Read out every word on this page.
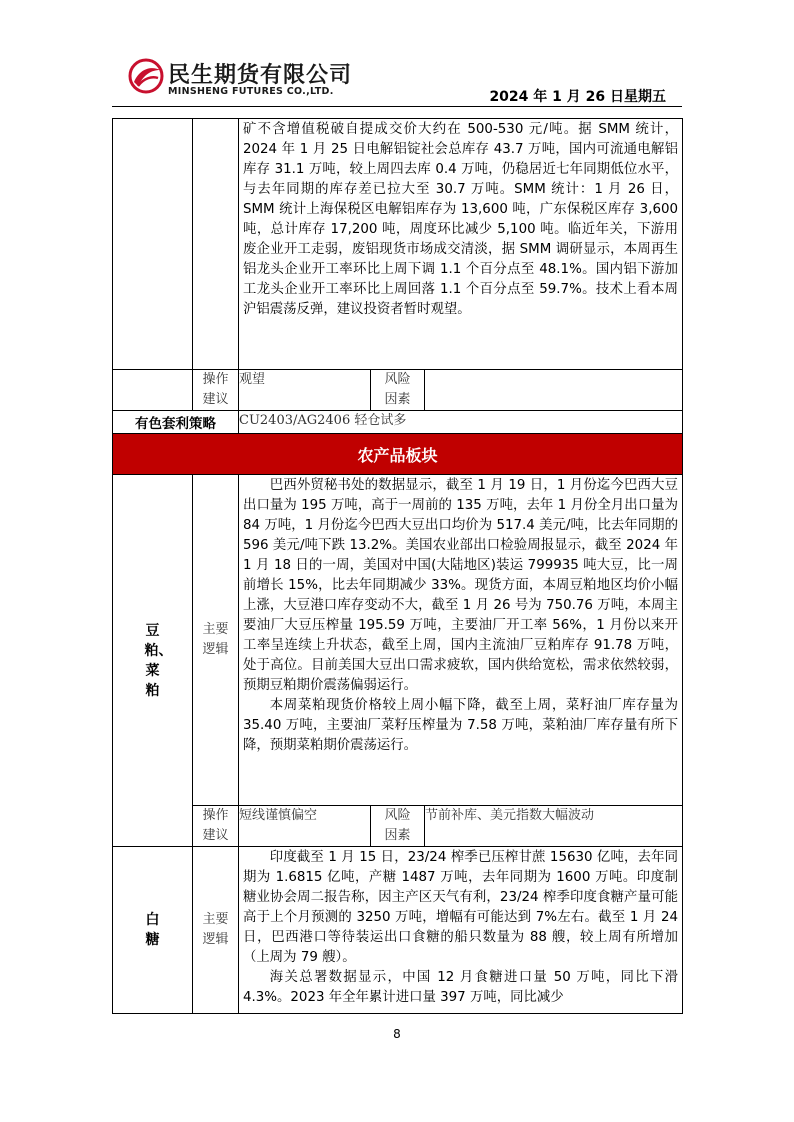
民生期货有限公司
MINSHENG FUTURES CO.,LTD.	2024 年 1 月 26 日星期五

		矿不含增值税破自提成交价大约在 500-530 元/吨。据 SMM 统计，2024 年 1 月 25 日电解铝锭社会总库存 43.7 万吨，国内可流通电解铝库存 31.1 万吨，较上周四去库 0.4 万吨，仍稳居近七年同期低位水平，与去年同期的库存差已拉大至 30.7 万吨。SMM 统计：1 月 26 日，SMM 统计上海保税区电解铝库存为 13,600 吨，广东保税区库存 3,600 吨，总计库存 17,200 吨，周度环比减少 5,100 吨。临近年关，下游用废企业开工走弱，废铝现货市场成交清淡，据 SMM 调研显示，本周再生铝龙头企业开工率环比上周下调 1.1 个百分点至 48.1%。国内铝下游加工龙头企业开工率环比上周回落 1.1 个百分点至 59.7%。技术上看本周沪铝震荡反弹，建议投资者暂时观望。		

	操作建议	观望	风险因素	
有色套利策略		CU2403/AG2406 轻仓试多		
农产品板块				
豆粕、菜粕	主要逻辑	巴西外贸秘书处的数据显示，截至 1 月 19 日，1 月份迄今巴西大豆出口量为 195 万吨，高于一周前的 135 万吨，去年 1 月份全月出口量为 84 万吨，1 月份迄今巴西大豆出口均价为 517.4 美元/吨，比去年同期的 596 美元/吨下跌 13.2%。美国农业部出口检验周报显示，截至 2024 年 1 月 18 日的一周，美国对中国(大陆地区)装运 799935 吨大豆，比一周前增长 15%，比去年同期减少 33%。现货方面，本周豆粕地区均价小幅上涨，大豆港口库存变动不大，截至 1 月 26 号为 750.76 万吨，本周主要油厂大豆压榨量 195.59 万吨，主要油厂开工率 56%，1 月份以来开工率呈连续上升状态，截至上周，国内主流油厂豆粕库存 91.78 万吨，处于高位。目前美国大豆出口需求疲软，国内供给宽松，需求依然较弱，预期豆粕期价震荡偏弱运行。

本周菜粕现货价格较上周小幅下降，截至上周，菜籽油厂库存量为 35.40 万吨，主要油厂菜籽压榨量为 7.58 万吨，菜粕油厂库存量有所下降，预期菜粕期价震荡运行。		

	操作建议	短线谨慎偏空	风险因素	节前补库、美元指数大幅波动
白糖	主要逻辑	印度截至 1 月 15 日，23/24 榨季已压榨甘蔗 15630 亿吨，去年同期为 1.6815 亿吨，产糖 1487 万吨，去年同期为 1600 万吨。印度制糖业协会周二报告称，因主产区天气有利，23/24 榨季印度食糖产量可能高于上个月预测的 3250 万吨，增幅有可能达到 7%左右。截至 1 月 24 日，巴西港口等待装运出口食糖的船只数量为 88 艘，较上周有所增加（上周为 79 艘）。

海关总署数据显示，中国 12 月食糖进口量 50 万吨，同比下滑 4.3%。2023 年全年累计进口量 397 万吨，同比减少		

8
